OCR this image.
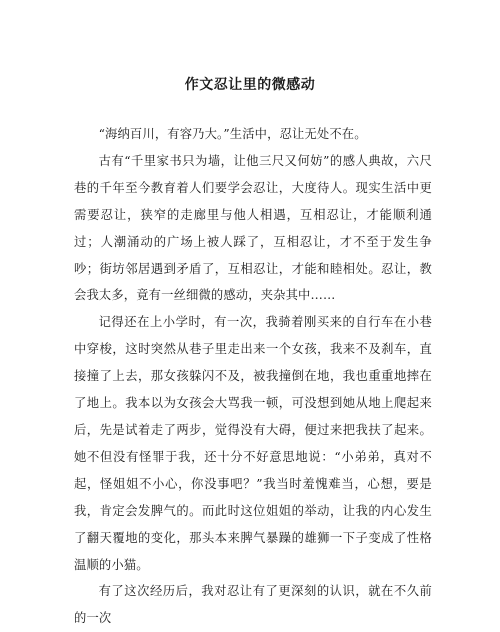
作文忍让里的微感动

“海纳百川，有容乃大。”生活中，忍让无处不在。

古有“千里家书只为墙，让他三尺又何妨”的感人典故，六尺巷的千年至今教育着人们要学会忍让，大度待人。现实生活中更需要忍让，狭窄的走廊里与他人相遇，互相忍让，才能顺利通过；人潮涌动的广场上被人踩了，互相忍让，才不至于发生争吵；街坊邻居遇到矛盾了，互相忍让，才能和睦相处。忍让，教会我太多，竟有一丝细微的感动，夹杂其中……

记得还在上小学时，有一次，我骑着刚买来的自行车在小巷中穿梭，这时突然从巷子里走出来一个女孩，我来不及刹车，直接撞了上去，那女孩躲闪不及，被我撞倒在地，我也重重地摔在了地上。我本以为女孩会大骂我一顿，可没想到她从地上爬起来后，先是试着走了两步，觉得没有大碍，便过来把我扶了起来。她不但没有怪罪于我，还十分不好意思地说：“小弟弟，真对不起，怪姐姐不小心，你没事吧？”我当时羞愧难当，心想，要是我，肯定会发脾气的。而此时这位姐姐的举动，让我的内心发生了翻天覆地的变化，那头本来脾气暴躁的雄狮一下子变成了性格温顺的小猫。

有了这次经历后，我对忍让有了更深刻的认识，就在不久前的一次
